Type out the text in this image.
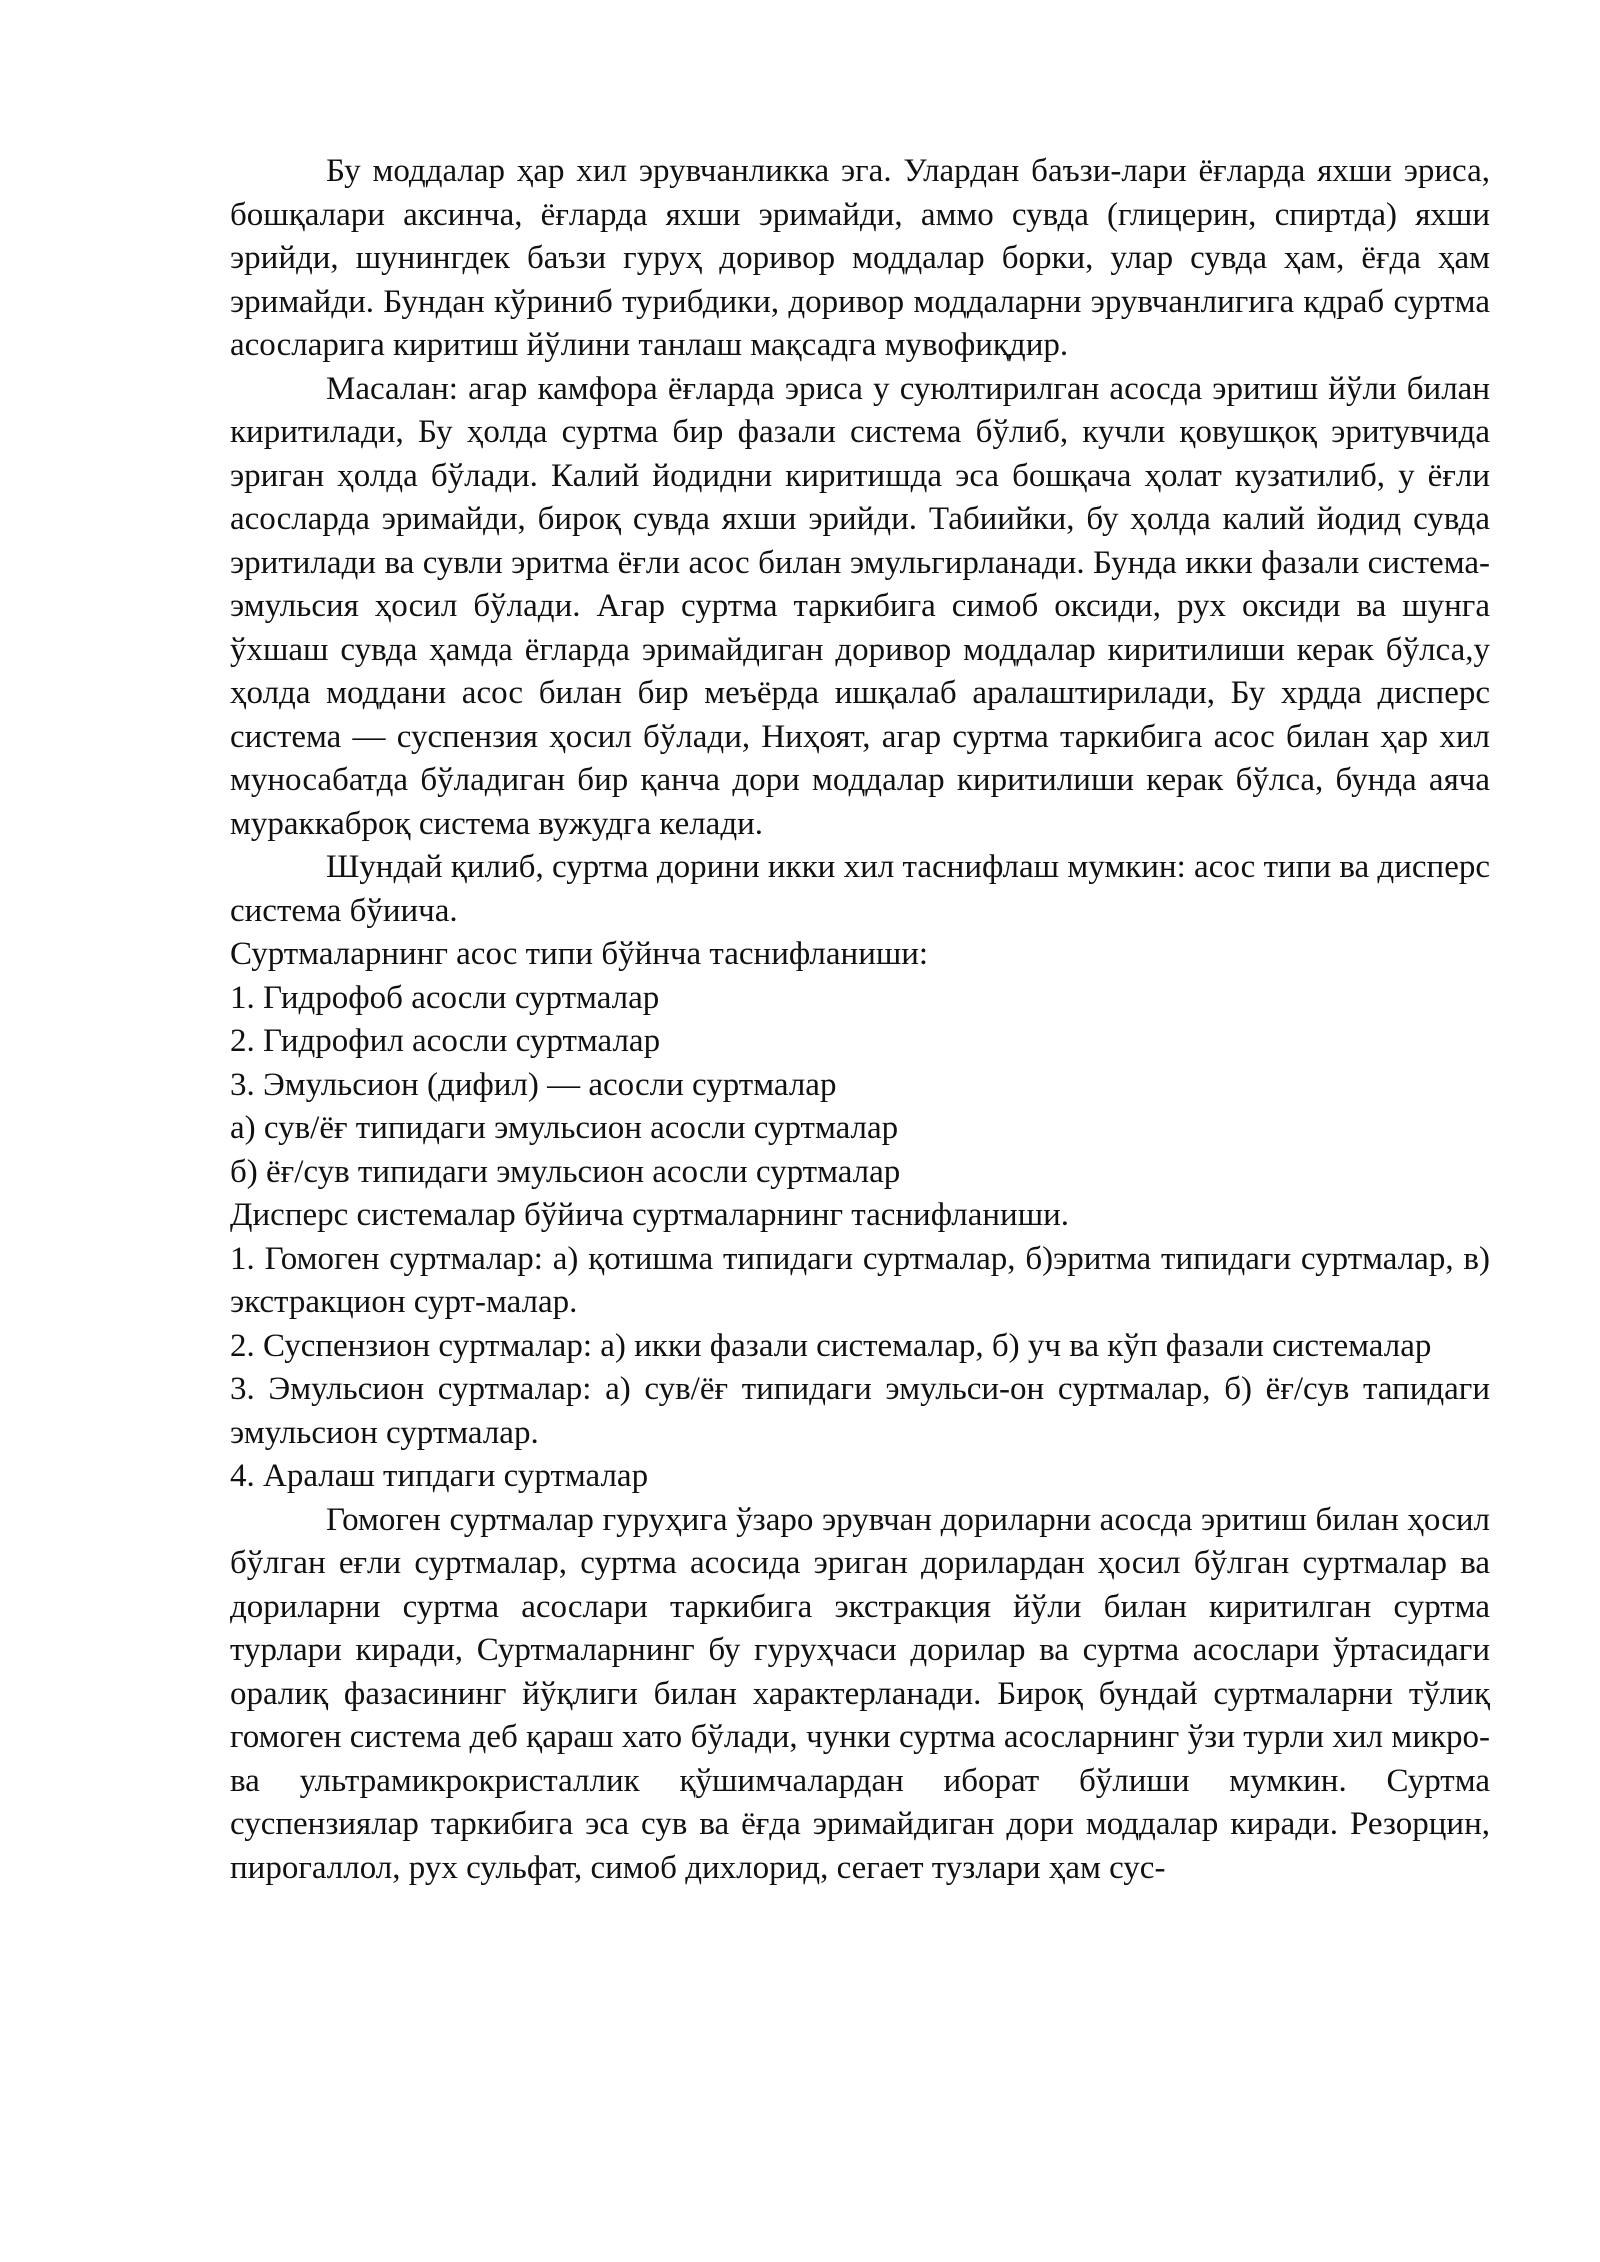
Бу моддалар ҳар хил эрувчанликка эга. Улардан баъзи-лари ёғларда яхши эриса, бошқалари аксинча, ёғларда яхши эримайди, аммо сувда (глицерин, спиртда) яхши эрийди, шунингдек баъзи гуруҳ доривор моддалар борки, улар сувда ҳам, ёғда ҳам эримайди. Бундан кўриниб турибдики, доривор моддаларни эрувчанлигига кдраб суртма асосларига киритиш йўлини танлаш мақсадга мувофиқдир.

Масалан: агар камфора ёғларда эриса у суюлтирилган асосда эритиш йўли билан киритилади, Бу ҳолда суртма бир фазали система бўлиб, кучли қовушқоқ эритувчида эриган ҳолда бўлади. Калий йодидни киритишда эса бошқача ҳолат кузатилиб, у ёғли асосларда эримайди, бироқ сувда яхши эрийди. Табиийки, бу ҳолда калий йодид сувда эритилади ва сувли эритма ёғли асос билан эмульгирланади. Бунда икки фазали система-эмульсия ҳосил бўлади. Агар суртма таркибига симоб оксиди, рух оксиди ва шунга ўхшаш сувда ҳамда ёгларда эримайдиган доривор моддалар киритилиши керак бўлса,у ҳолда моддани асос билан бир меъёрда ишқалаб аралаштирилади, Бу хрдда дисперс система — суспензия ҳосил бўлади, Ниҳоят, агар суртма таркибига асос билан ҳар хил муносабатда бўладиган бир қанча дори моддалар киритилиши керак бўлса, бунда аяча мураккаброқ система вужудга келади.

Шундай қилиб, суртма дорини икки хил таснифлаш мумкин: асос типи ва дисперс система бўиича.

Суртмаларнинг асос типи бўйнча таснифланиши:

1. Гидрофоб асосли суртмалар

2. Гидрофил асосли суртмалар

3. Эмульсион (дифил) — асосли суртмалар

а) сув/ёғ типидаги эмульсион асосли суртмалар

б) ёғ/сув типидаги эмульсион асосли суртмалар

Дисперс системалар бўйича суртмаларнинг таснифланиши.

1. Гомоген суртмалар: а) қотишма типидаги суртмалар, б)эритма типидаги суртмалар, в) экстракцион сурт-малар.

2. Суспензион суртмалар: а) икки фазали системалар, б) уч ва кўп фазали системалар

3. Эмульсион суртмалар: а) сув/ёғ типидаги эмульси-он суртмалар, б) ёғ/сув тапидаги эмульсион суртмалар.

4. Аралаш типдаги суртмалар

Гомоген суртмалар гуруҳига ўзаро эрувчан дориларни асосда эритиш билан ҳосил бўлган еғли суртмалар, суртма асосида эриган дорилардан ҳосил бўлган суртмалар ва дориларни суртма асослари таркибига экстракция йўли билан киритилган суртма турлари киради, Суртмаларнинг бу гуруҳчаси дорилар ва суртма асослари ўртасидаги оралиқ фазасининг йўқлиги билан характерланади. Бироқ бундай суртмаларни тўлиқ гомоген система деб қараш хато бўлади, чунки суртма асосларнинг ўзи турли хил микро-ва ультрамикрокристаллик қўшимчалардан иборат бўлиши мумкин. Суртма суспензиялар таркибига эса сув ва ёғда эримайдиган дори моддалар киради. Резорцин, пирогаллол, рух сульфат, симоб дихлорид, сегает тузлари ҳам сус-
